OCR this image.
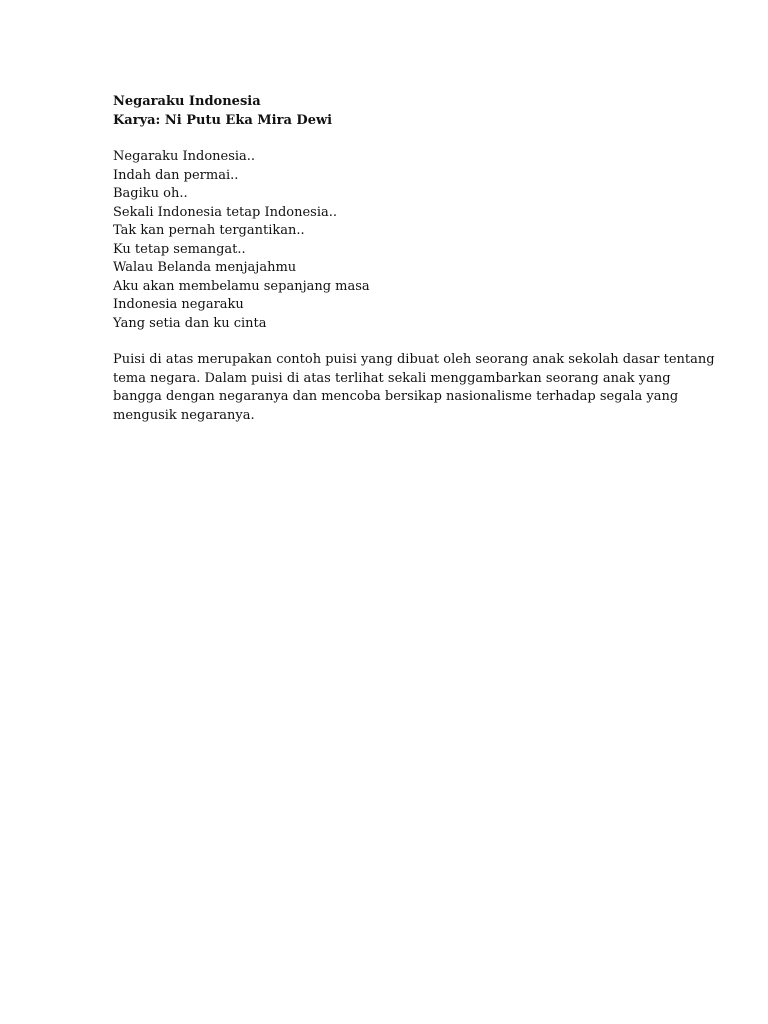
Negaraku Indonesia
Karya: Ni Putu Eka Mira Dewi
Negaraku Indonesia..
Indah dan permai..
Bagiku oh..
Sekali Indonesia tetap Indonesia..
Tak kan pernah tergantikan..
Ku tetap semangat..
Walau Belanda menjajahmu
Aku akan membelamu sepanjang masa
Indonesia negaraku
Yang setia dan ku cinta
Puisi di atas merupakan contoh puisi yang dibuat oleh seorang anak sekolah dasar tentang
tema negara. Dalam puisi di atas terlihat sekali menggambarkan seorang anak yang
bangga dengan negaranya dan mencoba bersikap nasionalisme terhadap segala yang
mengusik negaranya.
